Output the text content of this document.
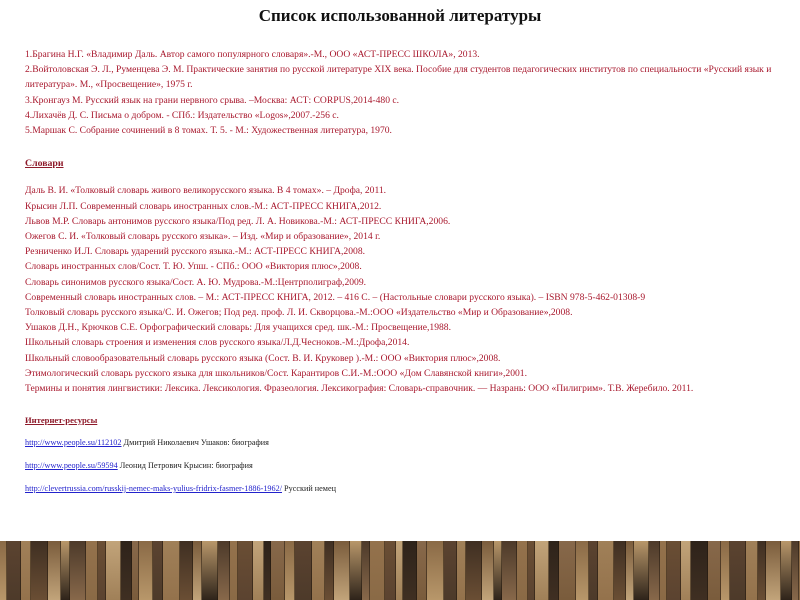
Список использованной литературы

1.Брагина Н.Г. «Владимир Даль. Автор самого популярного словаря».-М., ООО «АСТ-ПРЕСС ШКОЛА», 2013.

2.Войтоловская Э. Л., Руменцева Э. М. Практические занятия по русской литературе XIX века. Пособие для студентов педагогических институтов по специальности «Русский язык и литература». М., «Просвещение», 1975 г.

3.Кронгауз М. Русский язык на грани нервного срыва. –Москва: АСТ: CORPUS,2014-480 с.

4.Лихачёв Д. С. Письма о добром. - СПб.: Издательство «Logos»,2007.-256 с.

5.Маршак С. Собрание сочинений в 8 томах. Т. 5. - М.: Художественная литература, 1970.

Словари

Даль В. И. «Толковый словарь живого великорусского языка. В 4 томах». – Дрофа, 2011.

Крысин Л.П. Современный словарь иностранных слов.-М.: АСТ-ПРЕСС КНИГА,2012.

Львов М.Р. Словарь антонимов русского языка/Под ред. Л. А. Новикова.-М.: АСТ-ПРЕСС КНИГА,2006.

Ожегов С. И. «Толковый словарь русского языка». – Изд. «Мир и образование», 2014 г.

Резниченко И.Л. Словарь ударений русского языка.-М.: АСТ-ПРЕСС КНИГА,2008.

Словарь иностранных слов/Сост. Т. Ю. Упш. - СПб.: ООО «Виктория плюс»,2008.

Словарь синонимов русского языка/Сост. А. Ю. Мудрова.-М.:Центрполиграф,2009.

Современный словарь иностранных слов. – М.: АСТ-ПРЕСС КНИГА, 2012. – 416 С. – (Настольные словари русского языка). – ISBN 978-5-462-01308-9

Толковый словарь русского языка/С. И. Ожегов; Под ред. проф. Л. И. Скворцова.-М.:ООО «Издательство «Мир и Образование»,2008.

Ушаков Д.Н., Крючков С.Е. Орфографический словарь: Для учащихся сред. шк.-М.: Просвещение,1988.

Школьный словарь строения и изменения слов русского языка/Л.Д.Чесноков.-М.:Дрофа,2014.

Школьный словообразовательный словарь русского языка (Сост. В. И. Круковер ).-М.: ООО «Виктория плюс»,2008.

Этимологический словарь русского языка для школьников/Сост. Карантиров С.И.-М.:ООО «Дом Славянской книги»,2001.

Термины и понятия лингвистики: Лексика. Лексикология. Фразеология. Лексикография: Словарь-справочник. — Назрань: ООО «Пилигрим». Т.В. Жеребило. 2011.

Интернет-ресурсы

http://www.people.su/112102 Дмитрий Николаевич Ушаков: биография
http://www.people.su/59594 Леонид Петрович Крысин: биография
http://clevertrussia.com/russkij-nemec-maks-yulius-fridrix-fasmer-1886-1962/ Русский немец
